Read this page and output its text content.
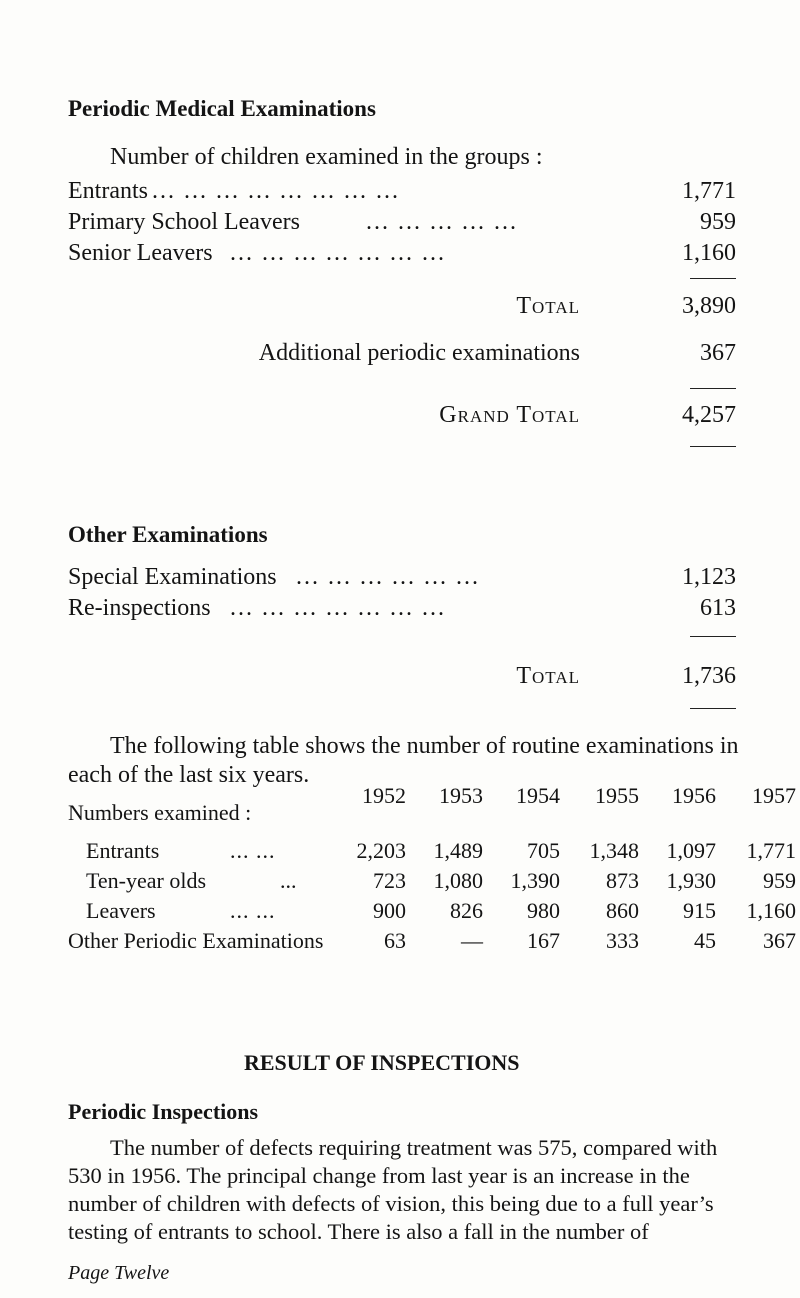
Periodic Medical Examinations
Number of children examined in the groups :
Entrants ... ... ... ... ... ... ... ...	1,771
Primary School Leavers	... ... ... ... ...	959
Senior Leavers ... ... ... ... ... ... ...	1,160
Total	3,890
Additional periodic examinations	367
Grand Total	4,257
Other Examinations
Special Examinations ... ... ... ... ... ...	1,123
Re-inspections ... ... ... ... ... ... ...	613
Total	1,736
The following table shows the number of routine examinations in
each of the last six years.
Numbers examined :
1952	1953	1954	1955	1956	1957
Entrants	... ...	2,203	1,489	705	1,348	1,097	1,771
Ten-year olds	...	723	1,080	1,390	873	1,930	959
Leavers	... ...	900	826	980	860	915	1,160
Other Periodic Examinations	63	—	167	333	45	367
RESULT OF INSPECTIONS
Periodic Inspections
The number of defects requiring treatment was 575, compared with
530 in 1956. The principal change from last year is an increase in the
number of children with defects of vision, this being due to a full year’s
testing of entrants to school. There is also a fall in the number of
Page Twelve
